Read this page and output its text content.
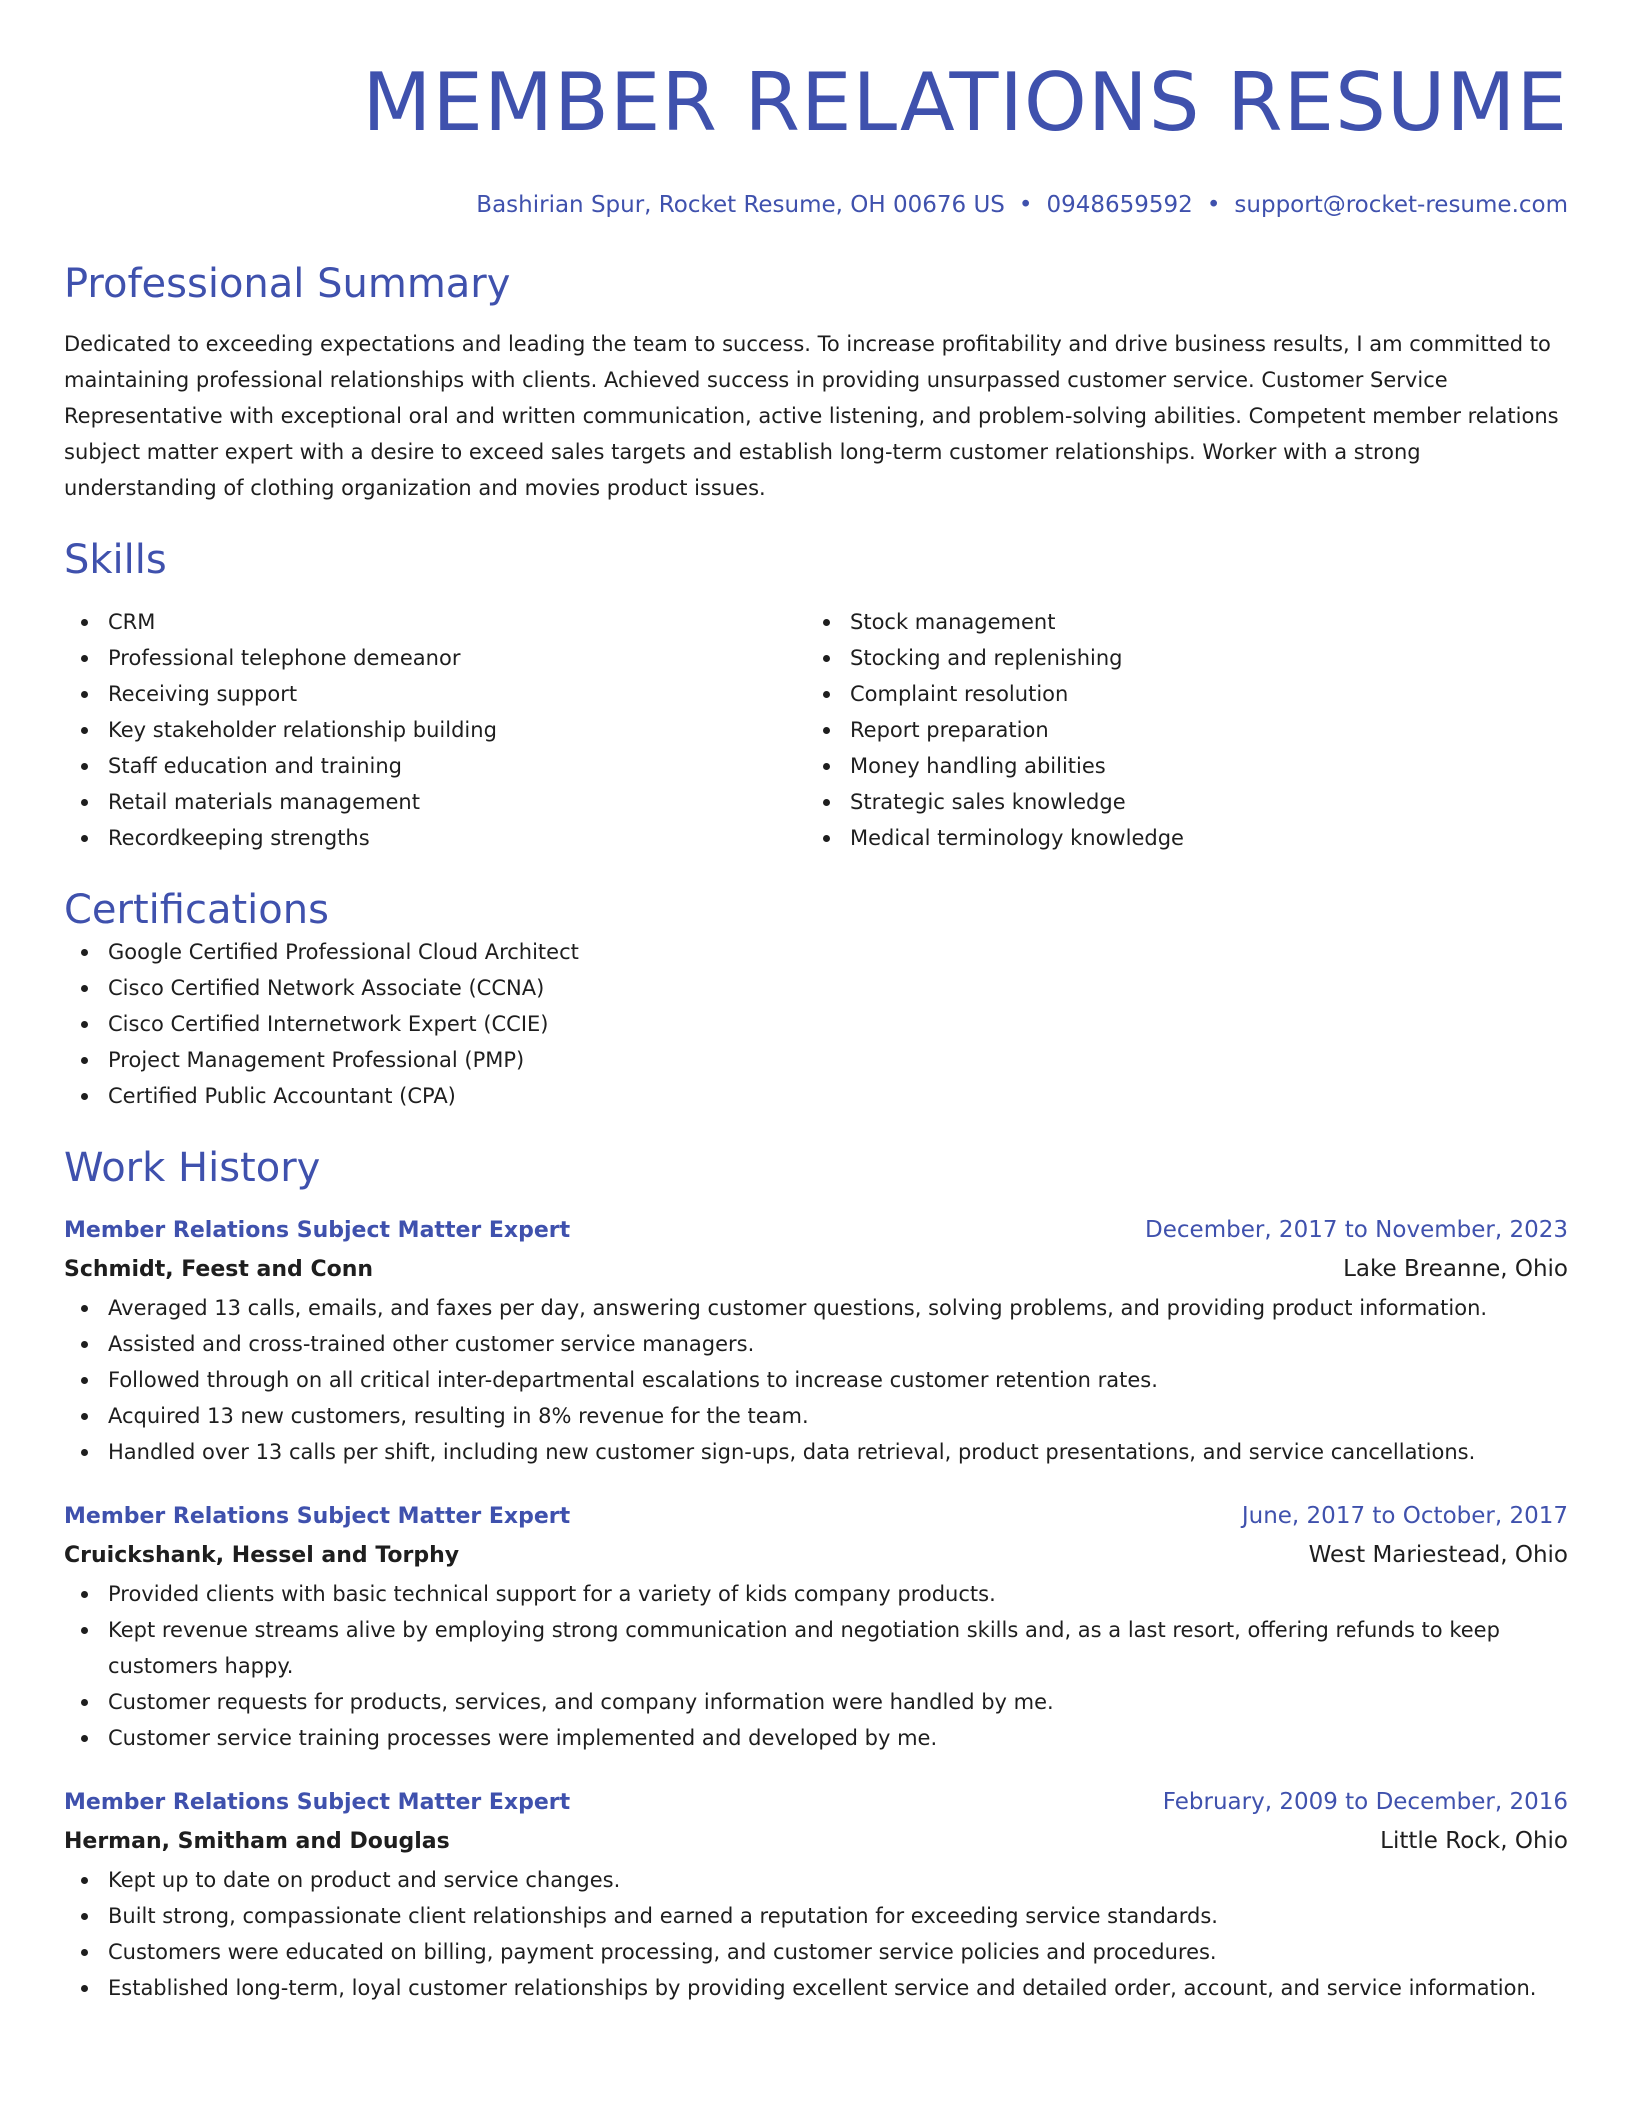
MEMBER RELATIONS RESUME
Bashirian Spur, Rocket Resume, OH 00676 US • 0948659592 • support@rocket-resume.com
Professional Summary

Dedicated to exceeding expectations and leading the team to success. To increase profitability and drive business results, I am committed to maintaining professional relationships with clients. Achieved success in providing unsurpassed customer service. Customer Service Representative with exceptional oral and written communication, active listening, and problem-solving abilities. Competent member relations subject matter expert with a desire to exceed sales targets and establish long-term customer relationships. Worker with a strong understanding of clothing organization and movies product issues.

Skills
CRM
Professional telephone demeanor
Receiving support
Key stakeholder relationship building
Staff education and training
Retail materials management
Recordkeeping strengths
Stock management
Stocking and replenishing
Complaint resolution
Report preparation
Money handling abilities
Strategic sales knowledge
Medical terminology knowledge
Certifications
Google Certified Professional Cloud Architect
Cisco Certified Network Associate (CCNA)
Cisco Certified Internetwork Expert (CCIE)
Project Management Professional (PMP)
Certified Public Accountant (CPA)
Work History
Member Relations Subject Matter Expert	December, 2017 to November, 2023
Schmidt, Feest and Conn	Lake Breanne, Ohio
Averaged 13 calls, emails, and faxes per day, answering customer questions, solving problems, and providing product information.
Assisted and cross-trained other customer service managers.
Followed through on all critical inter-departmental escalations to increase customer retention rates.
Acquired 13 new customers, resulting in 8% revenue for the team.
Handled over 13 calls per shift, including new customer sign-ups, data retrieval, product presentations, and service cancellations.
Member Relations Subject Matter Expert	June, 2017 to October, 2017
Cruickshank, Hessel and Torphy	West Mariestead, Ohio
Provided clients with basic technical support for a variety of kids company products.
Kept revenue streams alive by employing strong communication and negotiation skills and, as a last resort, offering refunds to keep customers happy.
Customer requests for products, services, and company information were handled by me.
Customer service training processes were implemented and developed by me.
Member Relations Subject Matter Expert	February, 2009 to December, 2016
Herman, Smitham and Douglas	Little Rock, Ohio
Kept up to date on product and service changes.
Built strong, compassionate client relationships and earned a reputation for exceeding service standards.
Customers were educated on billing, payment processing, and customer service policies and procedures.
Established long-term, loyal customer relationships by providing excellent service and detailed order, account, and service information.
